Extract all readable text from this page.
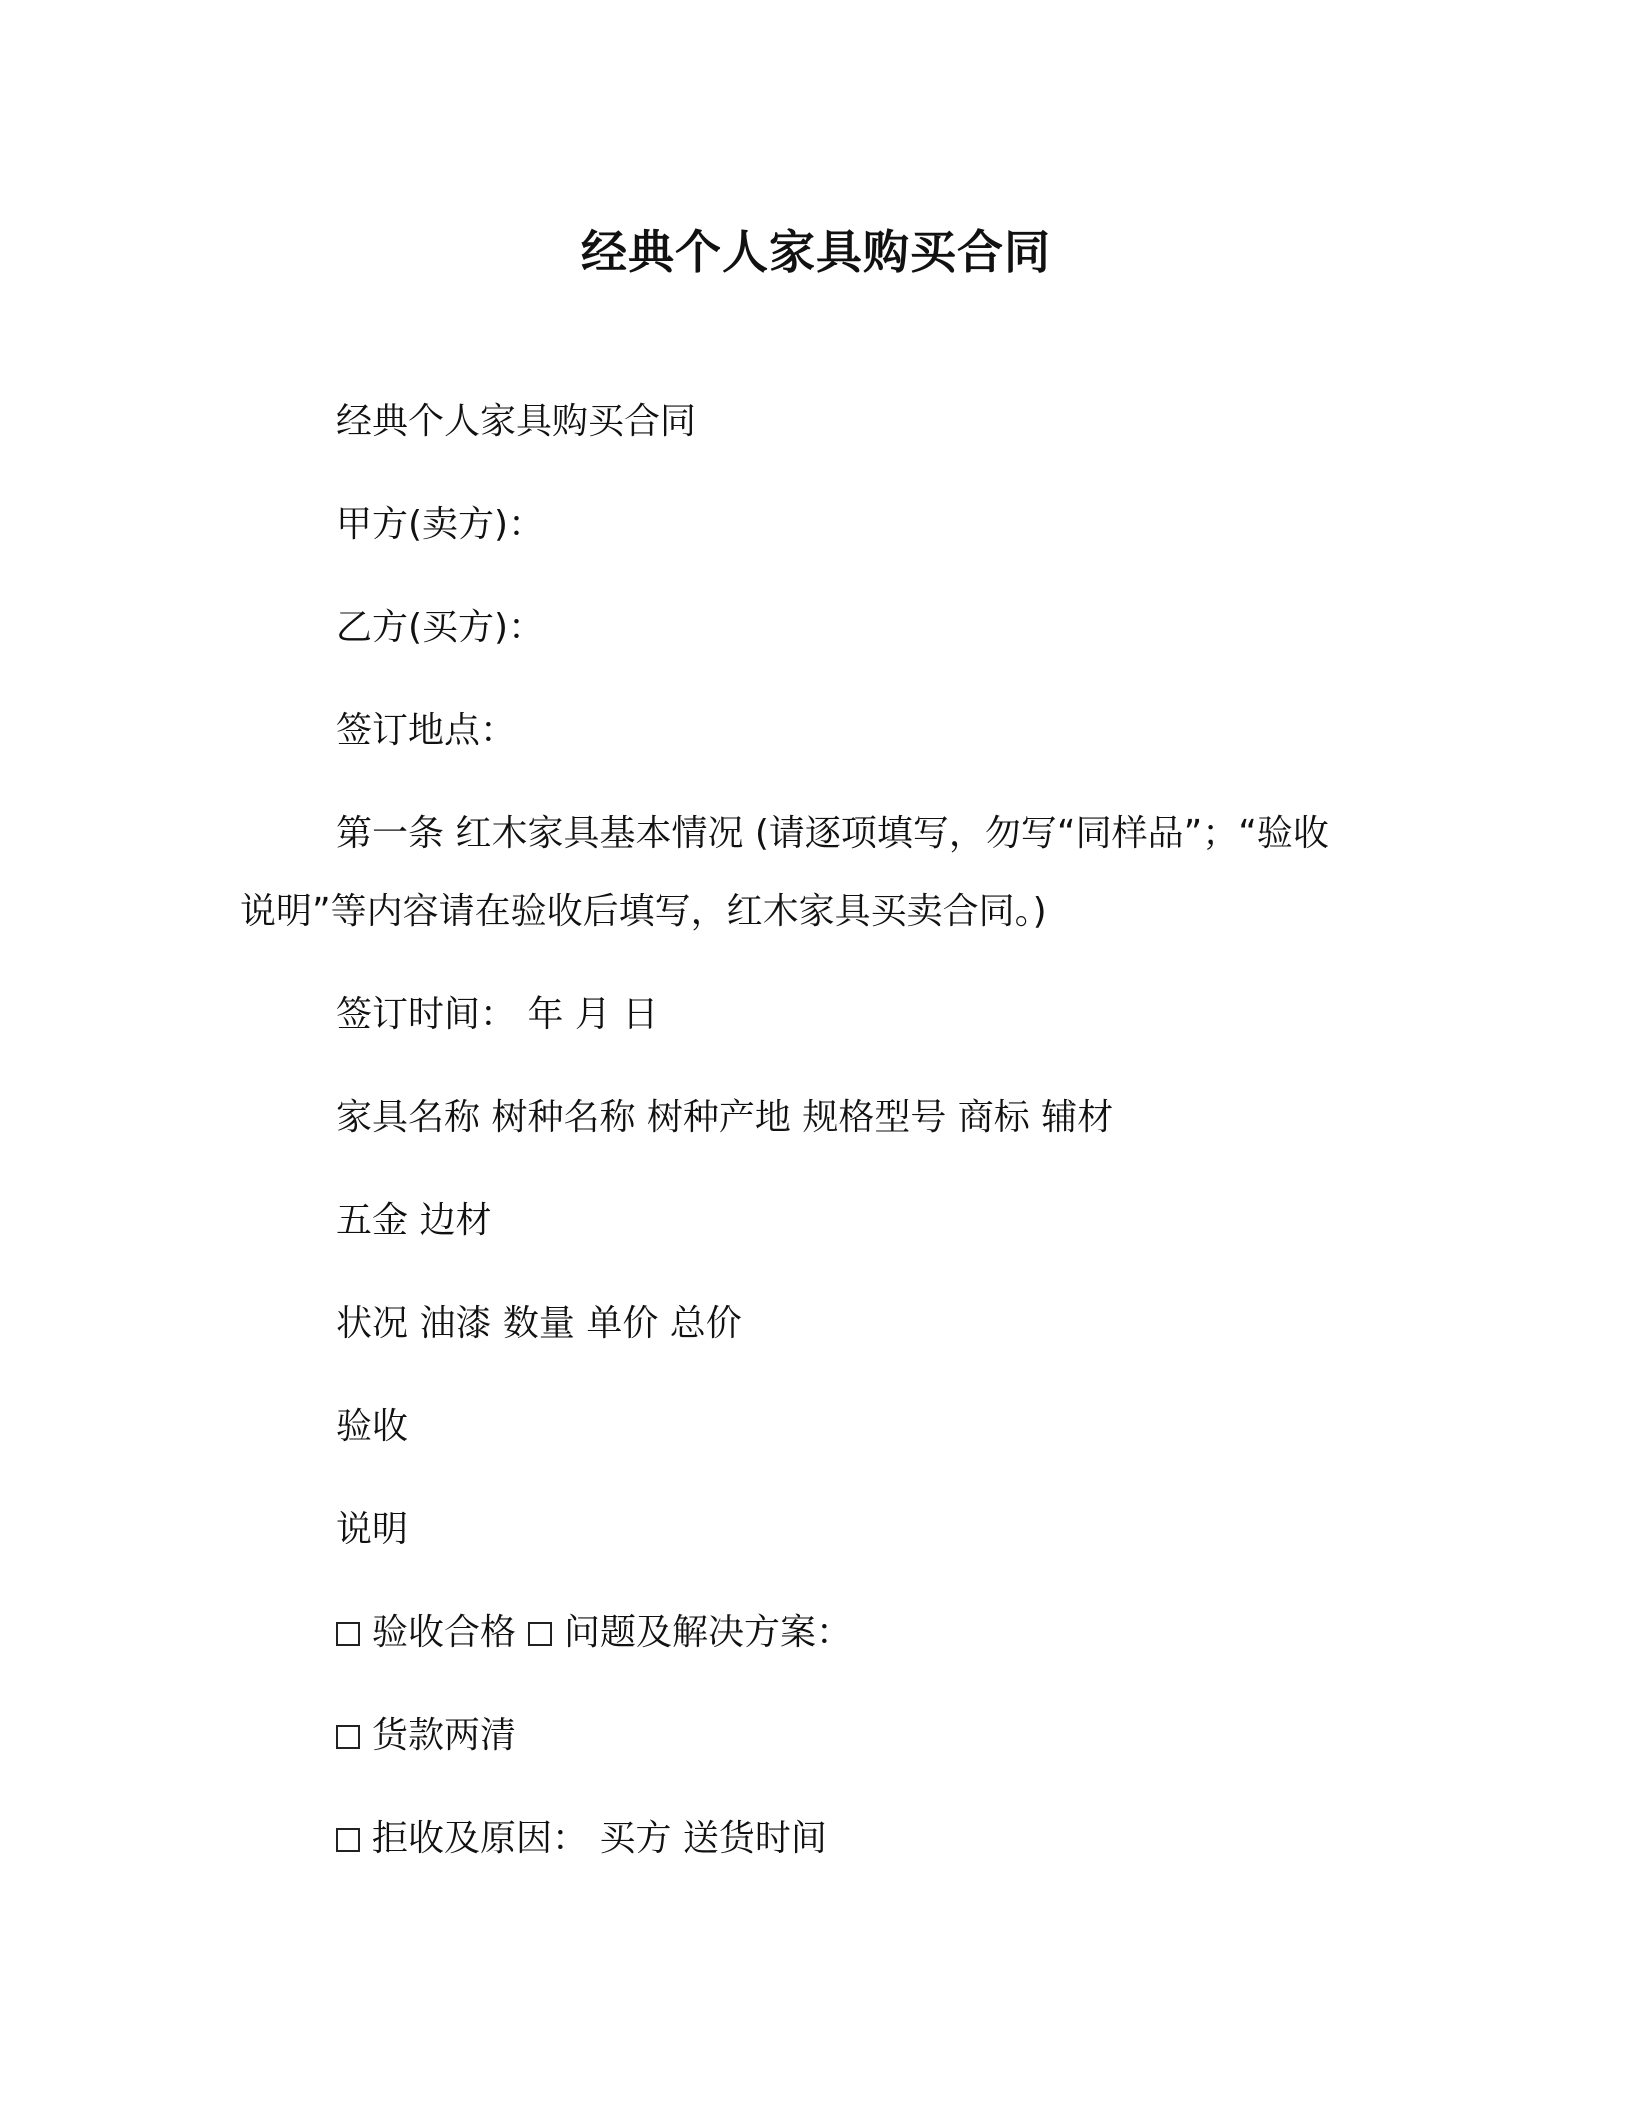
经典个人家具购买合同
经典个人家具购买合同
甲方(卖方)：
乙方(买方)：
签订地点：
第一条 红木家具基本情况 (请逐项填写，勿写“同样品”；“验收
说明”等内容请在验收后填写，红木家具买卖合同。)
签订时间： 年 月 日
家具名称 树种名称 树种产地 规格型号 商标 辅材
五金 边材
状况 油漆 数量 单价 总价
验收
说明
验收合格 问题及解决方案：
货款两清
拒收及原因： 买方 送货时间
